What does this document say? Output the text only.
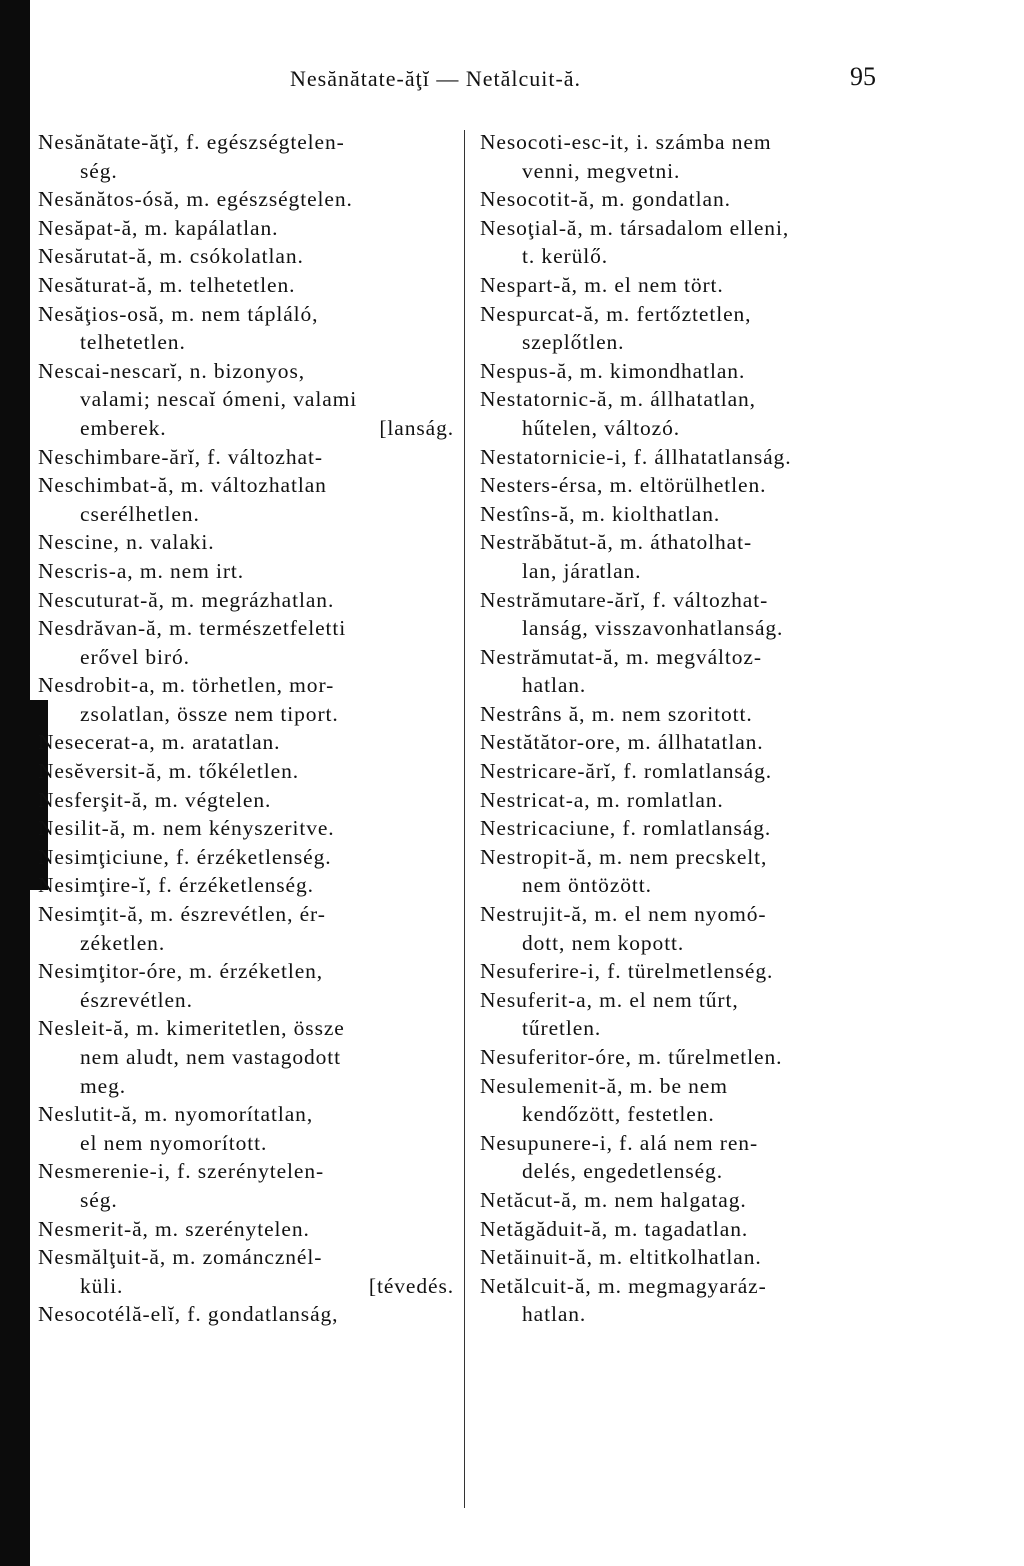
Nesănătate-ăţĭ — Netălcuit-ă.	95
Nesănătate-ăţĭ, f. egészségtelen-
ség.
Nesănătos-ósă, m. egészségtelen.
Nesăpat-ă, m. kapálatlan.
Nesărutat-ă, m. csókolatlan.
Nesăturat-ă, m. telhetetlen.
Nesăţios-osă, m. nem tápláló,
telhetetlen.
Nescai-nescarĭ, n. bizonyos,
valami; nescaĭ ómeni, valami
emberek.	[lanság.
Neschimbare-ărĭ, f. változhat-
Neschimbat-ă, m. változhatlan
cserélhetlen.
Nescine, n. valaki.
Nescris-a, m. nem irt.
Nescuturat-ă, m. megrázhatlan.
Nesdrăvan-ă, m. természetfeletti
erővel biró.
Nesdrobit-a, m. törhetlen, mor-
zsolatlan, össze nem tiport.
Nesecerat-a, m. aratatlan.
Nesĕversit-ă, m. tőkéletlen.
Nesferşit-ă, m. végtelen.
Nesilit-ă, m. nem kényszeritve.
Nesimţiciune, f. érzéketlenség.
Nesimţire-ĭ, f. érzéketlenség.
Nesimţit-ă, m. észrevétlen, ér-
zéketlen.
Nesimţitor-óre, m. érzéketlen,
észrevétlen.
Nesleit-ă, m. kimeritetlen, össze
nem aludt, nem vastagodott
meg.
Neslutit-ă, m. nyomorítatlan,
el nem nyomorított.
Nesmerenie-i, f. szerénytelen-
ség.
Nesmerit-ă, m. szerénytelen.
Nesmălţuit-ă, m. zománcznél-
küli.	[tévedés.
Nesocotélă-elĭ, f. gondatlanság,
Nesocoti-esc-it, i. számba nem
venni, megvetni.
Nesocotit-ă, m. gondatlan.
Nesoţial-ă, m. társadalom elleni,
t. kerülő.
Nespart-ă, m. el nem tört.
Nespurcat-ă, m. fertőztetlen,
szeplőtlen.
Nespus-ă, m. kimondhatlan.
Nestatornic-ă, m. állhatatlan,
hűtelen, változó.
Nestatornicie-i, f. állhatatlanság.
Nesters-érsa, m. eltörülhetlen.
Nestîns-ă, m. kiolthatlan.
Nestrăbătut-ă, m. áthatolhat-
lan, járatlan.
Nestrămutare-ărĭ, f. változhat-
lanság, visszavonhatlanság.
Nestrămutat-ă, m. megváltoz-
hatlan.
Nestrâns ă, m. nem szoritott.
Nestătător-ore, m. állhatatlan.
Nestricare-ărĭ, f. romlatlanság.
Nestricat-a, m. romlatlan.
Nestricaciune, f. romlatlanság.
Nestropit-ă, m. nem precskelt,
nem öntözött.
Nestrujit-ă, m. el nem nyomó-
dott, nem kopott.
Nesuferire-i, f. türelmetlenség.
Nesuferit-a, m. el nem tűrt,
tűretlen.
Nesuferitor-óre, m. tűrelmetlen.
Nesulemenit-ă, m. be nem
kendőzött, festetlen.
Nesupunere-i, f. alá nem ren-
delés, engedetlenség.
Netăcut-ă, m. nem halgatag.
Netăgăduit-ă, m. tagadatlan.
Netăinuit-ă, m. eltitkolhatlan.
Netălcuit-ă, m. megmagyaráz-
hatlan.
